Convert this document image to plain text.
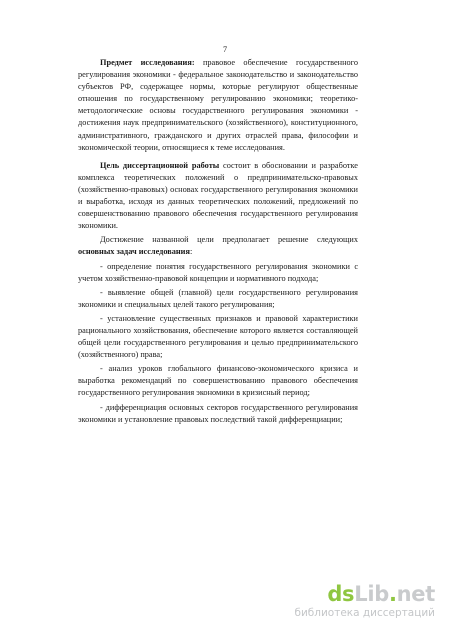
7

Предмет исследования: правовое обеспечение государственного регулирования экономики - федеральное законодательство и законодательство субъектов РФ, содержащее нормы, которые регулируют общественные отношения по государственному регулированию экономики; теоретико-методологические основы государственного регулирования экономики - достижения наук предпринимательского (хозяйственного), конституционного, административного, гражданского и других отраслей права, философии и экономической теории, относящиеся к теме исследования.

Цель диссертационной работы состоит в обосновании и разработке комплекса теоретических положений о предпринимательско-правовых (хозяйственно-правовых) основах государственного регулирования экономики и выработка, исходя из данных теоретических положений, предложений по совершенствованию правового обеспечения государственного регулирования экономики.

Достижение названной цели предполагает решение следующих основных задач исследования:

- определение понятия государственного регулирования экономики с учетом хозяйственно-правовой концепции и нормативного подхода;

- выявление общей (главной) цели государственного регулирования экономики и специальных целей такого регулирования;

- установление существенных признаков и правовой характеристики рационального хозяйствования, обеспечение которого является составляющей общей цели государственного регулирования и целью предпринимательского (хозяйственного) права;

- анализ уроков глобального финансово-экономического кризиса и выработка рекомендаций по совершенствованию правового обеспечения государственного регулирования экономики в кризисный период;

- дифференциация основных секторов государственного регулирования экономики и установление правовых последствий такой дифференциации;

dsLib.net
библиотека диссертаций
